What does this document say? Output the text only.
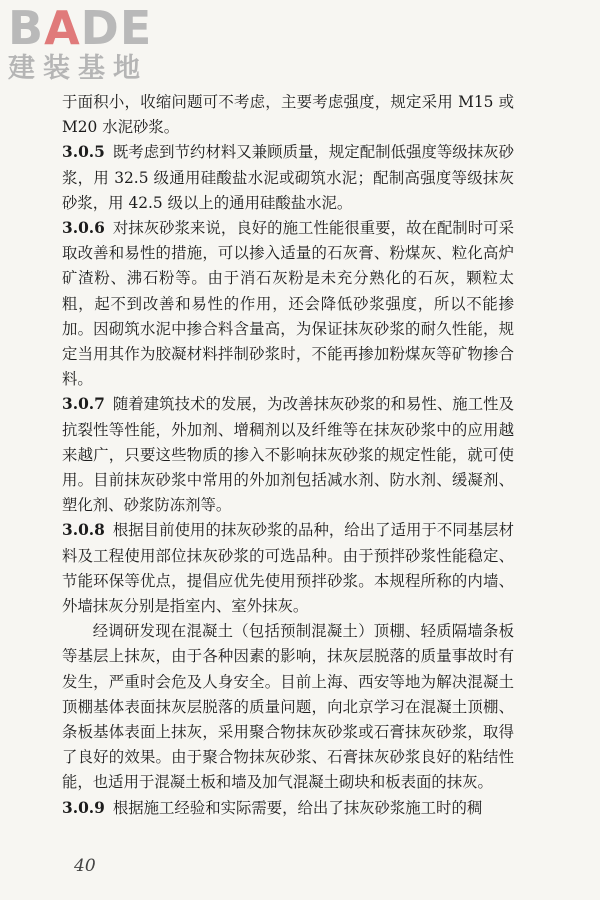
BADE
建装基地

于面积小，收缩问题可不考虑，主要考虑强度，规定采用 M15 或 M20 水泥砂浆。

3.0.5 既考虑到节约材料又兼顾质量，规定配制低强度等级抹灰砂浆，用 32.5 级通用硅酸盐水泥或砌筑水泥；配制高强度等级抹灰砂浆，用 42.5 级以上的通用硅酸盐水泥。

3.0.6 对抹灰砂浆来说，良好的施工性能很重要，故在配制时可采取改善和易性的措施，可以掺入适量的石灰膏、粉煤灰、粒化高炉矿渣粉、沸石粉等。由于消石灰粉是未充分熟化的石灰，颗粒太粗，起不到改善和易性的作用，还会降低砂浆强度，所以不能掺加。因砌筑水泥中掺合料含量高，为保证抹灰砂浆的耐久性能，规定当用其作为胶凝材料拌制砂浆时，不能再掺加粉煤灰等矿物掺合料。

3.0.7 随着建筑技术的发展，为改善抹灰砂浆的和易性、施工性及抗裂性等性能，外加剂、增稠剂以及纤维等在抹灰砂浆中的应用越来越广，只要这些物质的掺入不影响抹灰砂浆的规定性能，就可使用。目前抹灰砂浆中常用的外加剂包括减水剂、防水剂、缓凝剂、塑化剂、砂浆防冻剂等。

3.0.8 根据目前使用的抹灰砂浆的品种，给出了适用于不同基层材料及工程使用部位抹灰砂浆的可选品种。由于预拌砂浆性能稳定、节能环保等优点，提倡应优先使用预拌砂浆。本规程所称的内墙、外墙抹灰分别是指室内、室外抹灰。

经调研发现在混凝土（包括预制混凝土）顶棚、轻质隔墙条板等基层上抹灰，由于各种因素的影响，抹灰层脱落的质量事故时有发生，严重时会危及人身安全。目前上海、西安等地为解决混凝土顶棚基体表面抹灰层脱落的质量问题，向北京学习在混凝土顶棚、条板基体表面上抹灰，采用聚合物抹灰砂浆或石膏抹灰砂浆，取得了良好的效果。由于聚合物抹灰砂浆、石膏抹灰砂浆良好的粘结性能，也适用于混凝土板和墙及加气混凝土砌块和板表面的抹灰。

3.0.9 根据施工经验和实际需要，给出了抹灰砂浆施工时的稠

40
